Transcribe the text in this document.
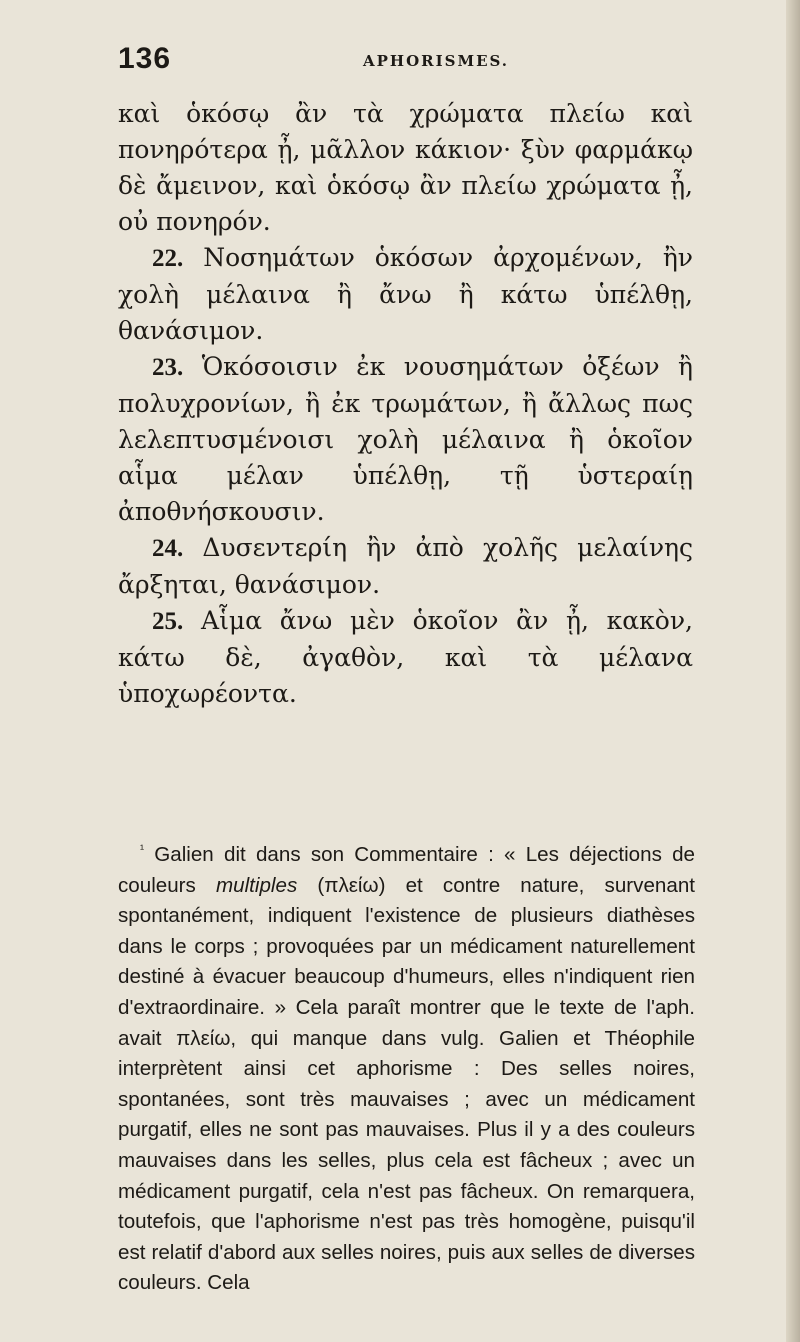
136	APHORISMES.

καὶ ὁκόσῳ ἂν τὰ χρώματα πλείω καὶ πονηρότερα ᾖ, μᾶλλον κάκιον· ξὺν φαρμάκῳ δὲ ἄμεινον, καὶ ὁκόσῳ ἂν πλείω χρώματα ᾖ, οὐ πονηρόν.

22. Νοσημάτων ὁκόσων ἀρχομένων, ἢν χολὴ μέλαινα ἢ ἄνω ἢ κάτω ὑπέλθῃ, θανάσιμον.

23. Ὁκόσοισιν ἐκ νουσημάτων ὀξέων ἢ πολυχρονίων, ἢ ἐκ τρωμάτων, ἢ ἄλλως πως λελεπτυσμένοισι χολὴ μέλαινα ἢ ὁκοῖον αἷμα μέλαν ὑπέλθῃ, τῇ ὑστεραίῃ ἀποθνήσκουσιν.

24. Δυσεντερίη ἢν ἀπὸ χολῆς μελαίνης ἄρξηται, θανάσιμον.

25. Αἷμα ἄνω μὲν ὁκοῖον ἂν ᾖ, κακὸν, κάτω δὲ, ἀγαθὸν, καὶ τὰ μέλανα ὑποχωρέοντα.

$^{^1}$ Galien dit dans son Commentaire : « Les déjections de couleurs multiples (πλείω) et contre nature, survenant spontanément, indiquent l'existence de plusieurs diathèses dans le corps ; provoquées par un médicament naturellement destiné à évacuer beaucoup d'humeurs, elles n'indiquent rien d'extraordinaire. » Cela paraît montrer que le texte de l'aph. avait πλείω, qui manque dans vulg. Galien et Théophile interprètent ainsi cet aphorisme : Des selles noires, spontanées, sont très mauvaises ; avec un médicament purgatif, elles ne sont pas mauvaises. Plus il y a des couleurs mauvaises dans les selles, plus cela est fâcheux ; avec un médicament purgatif, cela n'est pas fâcheux. On remarquera, toutefois, que l'aphorisme n'est pas très homogène, puisqu'il est relatif d'abord aux selles noires, puis aux selles de diverses couleurs. Cela
